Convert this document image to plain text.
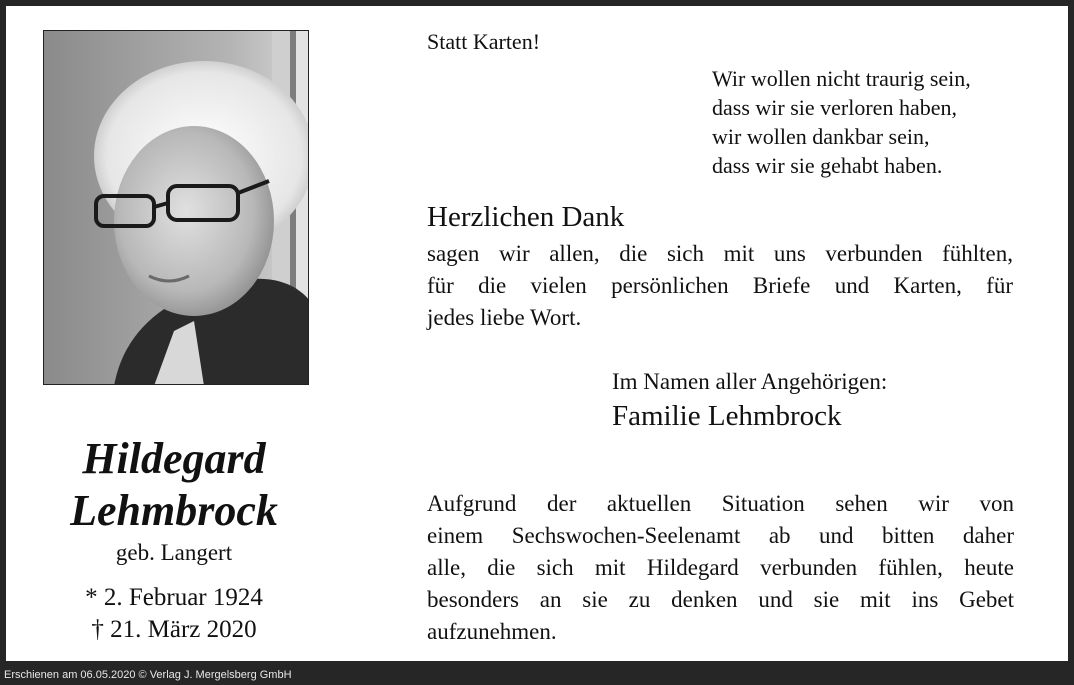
Hildegard
Lehmbrock
geb. Langert
* 2. Februar 1924
† 21. März 2020
Statt Karten!
Wir wollen nicht traurig sein,
dass wir sie verloren haben,
wir wollen dankbar sein,
dass wir sie gehabt haben.
Herzlichen Dank
sagen wir allen, die sich mit uns verbunden fühlten,
für die vielen persönlichen Briefe und Karten, für
jedes liebe Wort.
Im Namen aller Angehörigen:
Familie Lehmbrock
Aufgrund der aktuellen Situation sehen wir von
einem Sechswochen-Seelenamt ab und bitten daher
alle, die sich mit Hildegard verbunden fühlen, heute
besonders an sie zu denken und sie mit ins Gebet
aufzunehmen.
Erschienen am 06.05.2020 © Verlag J. Mergelsberg GmbH
